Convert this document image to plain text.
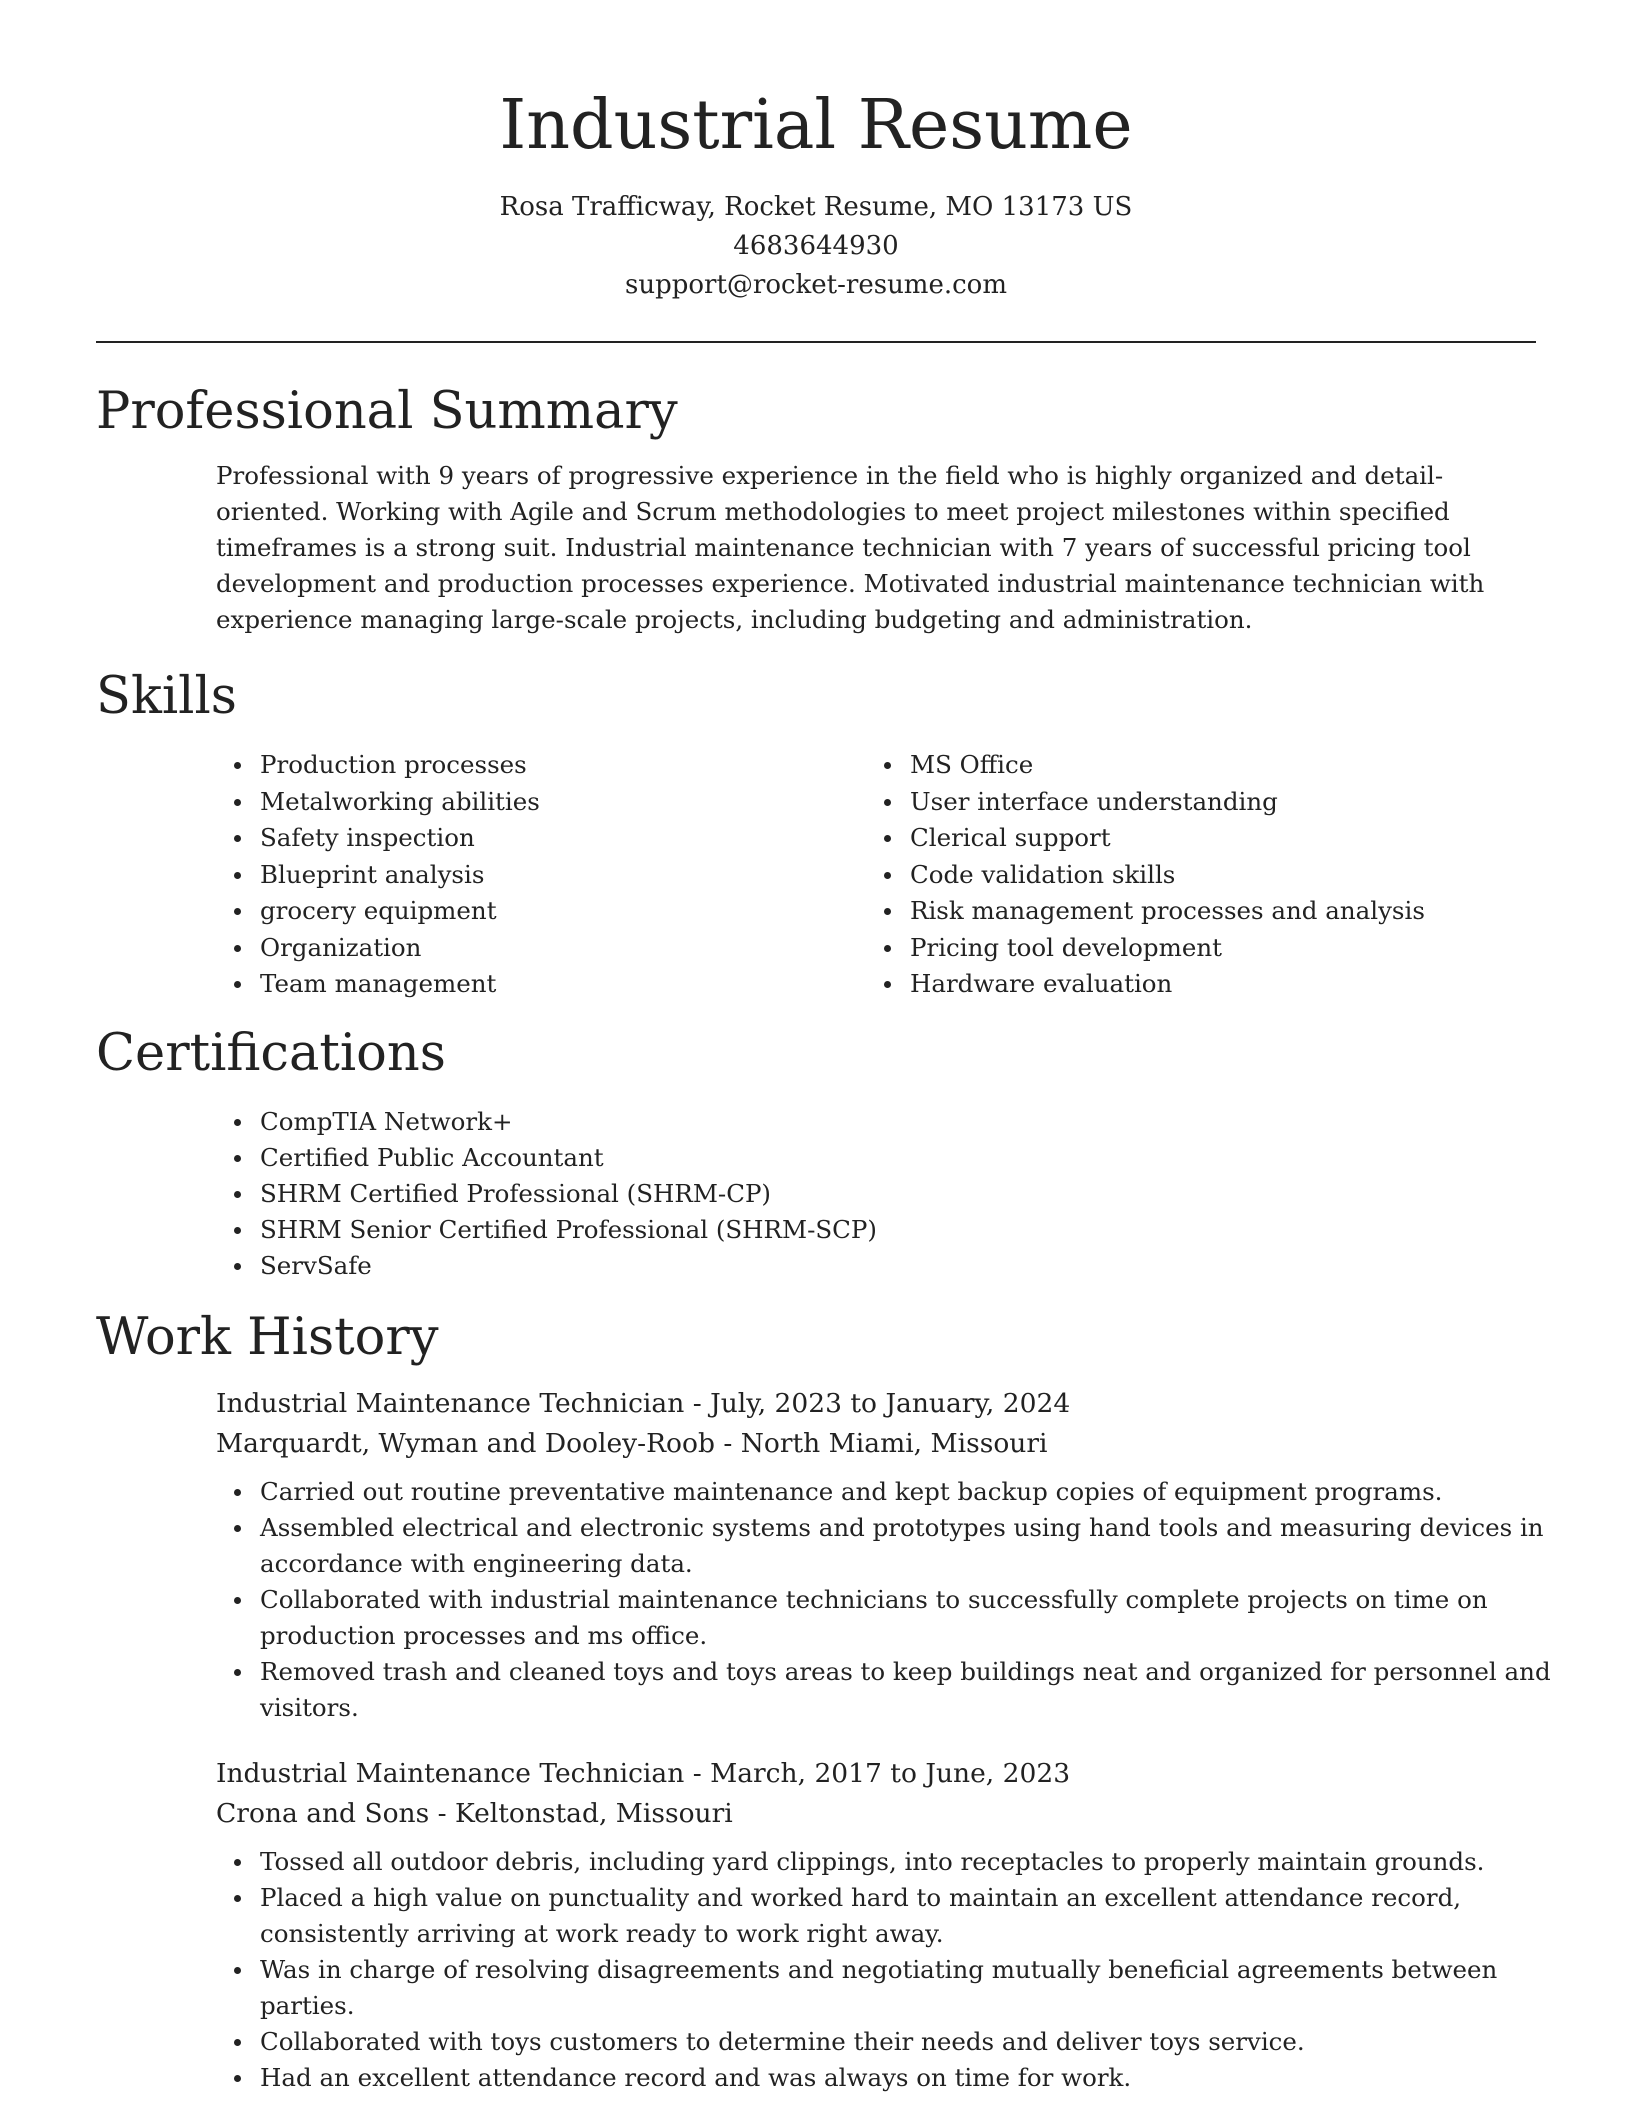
Industrial Resume
Rosa Trafficway, Rocket Resume, MO 13173 US
4683644930
support@rocket-resume.com
Professional Summary
Professional with 9 years of progressive experience in the field who is highly organized and detail-oriented. Working with Agile and Scrum methodologies to meet project milestones within specified timeframes is a strong suit. Industrial maintenance technician with 7 years of successful pricing tool development and production processes experience. Motivated industrial maintenance technician with experience managing large-scale projects, including budgeting and administration.
Skills
Production processes
Metalworking abilities
Safety inspection
Blueprint analysis
grocery equipment
Organization
Team management
MS Office
User interface understanding
Clerical support
Code validation skills
Risk management processes and analysis
Pricing tool development
Hardware evaluation
Certifications
CompTIA Network+
Certified Public Accountant
SHRM Certified Professional (SHRM-CP)
SHRM Senior Certified Professional (SHRM-SCP)
ServSafe
Work History
Industrial Maintenance Technician - July, 2023 to January, 2024
Marquardt, Wyman and Dooley-Roob - North Miami, Missouri
Carried out routine preventative maintenance and kept backup copies of equipment programs.
Assembled electrical and electronic systems and prototypes using hand tools and measuring devices in accordance with engineering data.
Collaborated with industrial maintenance technicians to successfully complete projects on time on production processes and ms office.
Removed trash and cleaned toys and toys areas to keep buildings neat and organized for personnel and visitors.
Industrial Maintenance Technician - March, 2017 to June, 2023
Crona and Sons - Keltonstad, Missouri
Tossed all outdoor debris, including yard clippings, into receptacles to properly maintain grounds.
Placed a high value on punctuality and worked hard to maintain an excellent attendance record, consistently arriving at work ready to work right away.
Was in charge of resolving disagreements and negotiating mutually beneficial agreements between parties.
Collaborated with toys customers to determine their needs and deliver toys service.
Had an excellent attendance record and was always on time for work.
